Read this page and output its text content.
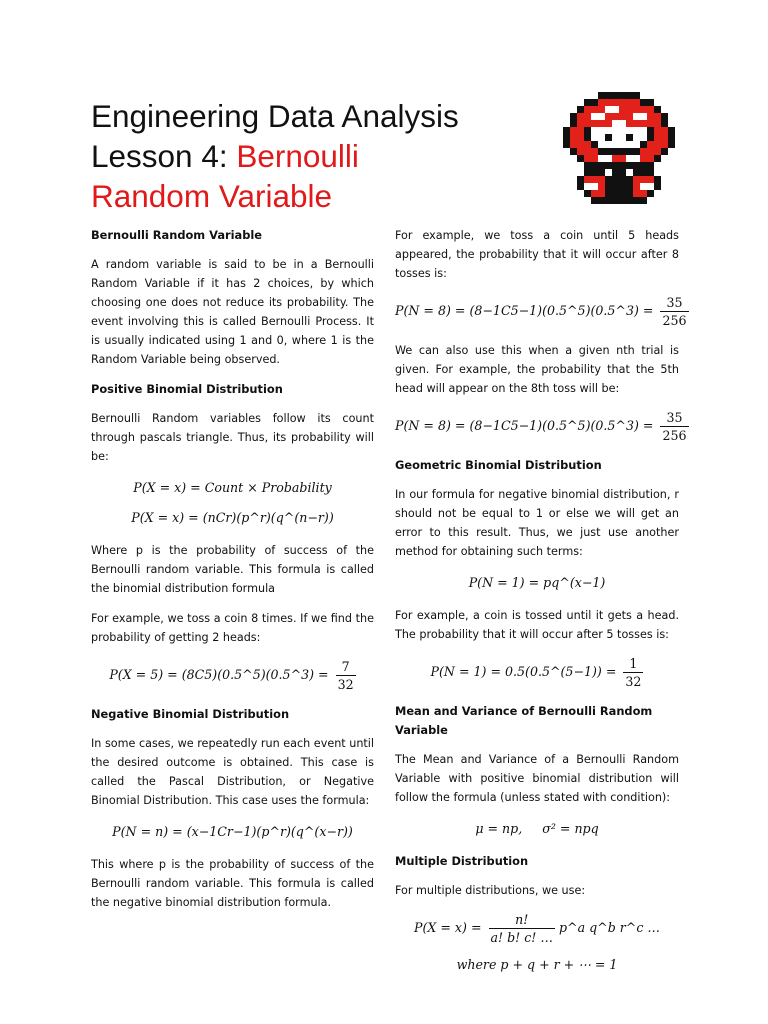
Engineering Data Analysis
Lesson 4: Bernoulli
Random Variable
Bernoulli Random Variable

A random variable is said to be in a Bernoulli Random Variable if it has 2 choices, by which choosing one does not reduce its probability. The event involving this is called Bernoulli Process. It is usually indicated using 1 and 0, where 1 is the Random Variable being observed.

Positive Binomial Distribution

Bernoulli Random variables follow its count through pascals triangle. Thus, its probability will be:

P(X = x) = Count × Probability
P(X = x) = (nCr)(p^r)(q^(n−r))

Where p is the probability of success of the Bernoulli random variable. This formula is called the binomial distribution formula

For example, we toss a coin 8 times. If we find the probability of getting 2 heads:

P(X = 5) = (8C5)(0.5^5)(0.5^3) = $\frac{7}{32}$
Negative Binomial Distribution

In some cases, we repeatedly run each event until the desired outcome is obtained. This case is called the Pascal Distribution, or Negative Binomial Distribution. This case uses the formula:

P(N = n) = (x−1Cr−1)(p^r)(q^(x−r))

This where p is the probability of success of the Bernoulli random variable. This formula is called the negative binomial distribution formula.

For example, we toss a coin until 5 heads appeared, the probability that it will occur after 8 tosses is:

P(N = 8) = (8−1C5−1)(0.5^5)(0.5^3) = $\frac{35}{256}$

We can also use this when a given nth trial is given. For example, the probability that the 5th head will appear on the 8th toss will be:

P(N = 8) = (8−1C5−1)(0.5^5)(0.5^3) = $\frac{35}{256}$
Geometric Binomial Distribution

In our formula for negative binomial distribution, r should not be equal to 1 or else we will get an error to this result. Thus, we just use another method for obtaining such terms:

P(N = 1) = pq^(x−1)

For example, a coin is tossed until it gets a head. The probability that it will occur after 5 tosses is:

P(N = 1) = 0.5(0.5^(5−1)) = $\frac{1}{32}$
Mean and Variance of Bernoulli Random Variable

The Mean and Variance of a Bernoulli Random Variable with positive binomial distribution will follow the formula (unless stated with condition):

μ = np,     σ² = npq
Multiple Distribution

For multiple distributions, we use:

$P(X = x) = \frac{n!}{a! b! c! \dots}$ p^a q^b r^c …
where p + q + r + ⋯ = 1
